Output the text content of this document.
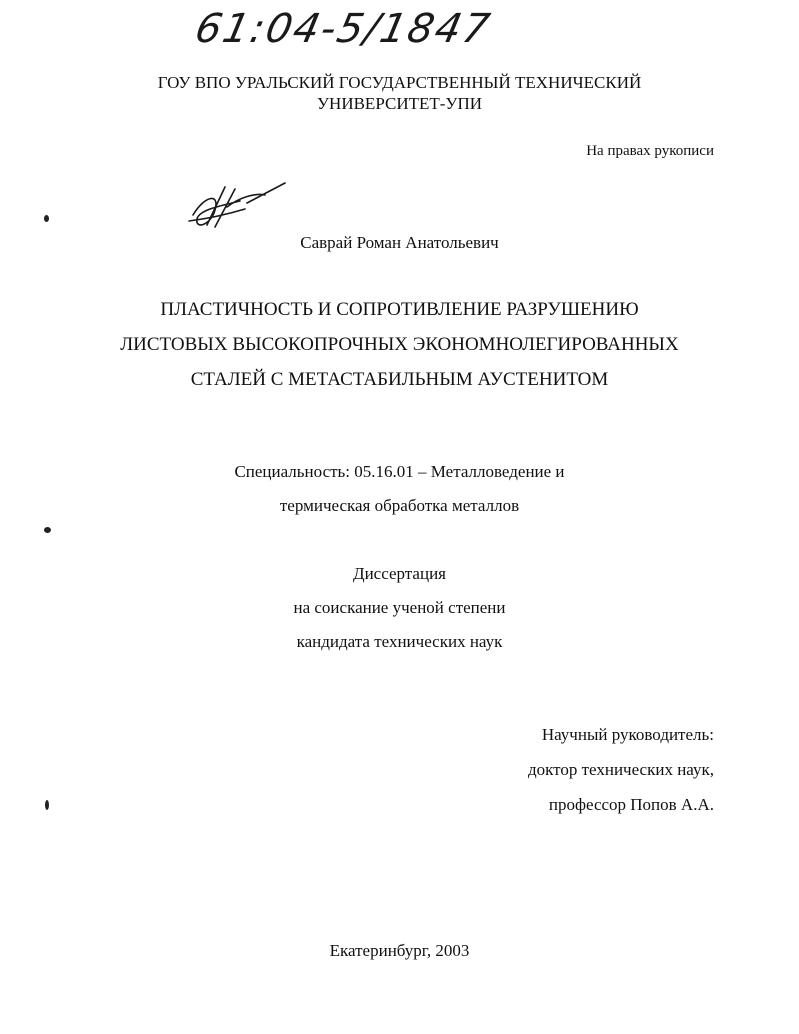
61:04-5/1847
ГОУ ВПО УРАЛЬСКИЙ ГОСУДАРСТВЕННЫЙ ТЕХНИЧЕСКИЙ
УНИВЕРСИТЕТ-УПИ
На правах рукописи
Саврай Роман Анатольевич
ПЛАСТИЧНОСТЬ И СОПРОТИВЛЕНИЕ РАЗРУШЕНИЮ
ЛИСТОВЫХ ВЫСОКОПРОЧНЫХ ЭКОНОМНОЛЕГИРОВАННЫХ
СТАЛЕЙ С МЕТАСТАБИЛЬНЫМ АУСТЕНИТОМ
Специальность: 05.16.01 – Металловедение и
термическая обработка металлов
Диссертация
на соискание ученой степени
кандидата технических наук
Научный руководитель:
доктор технических наук,
профессор Попов А.А.
Екатеринбург, 2003
